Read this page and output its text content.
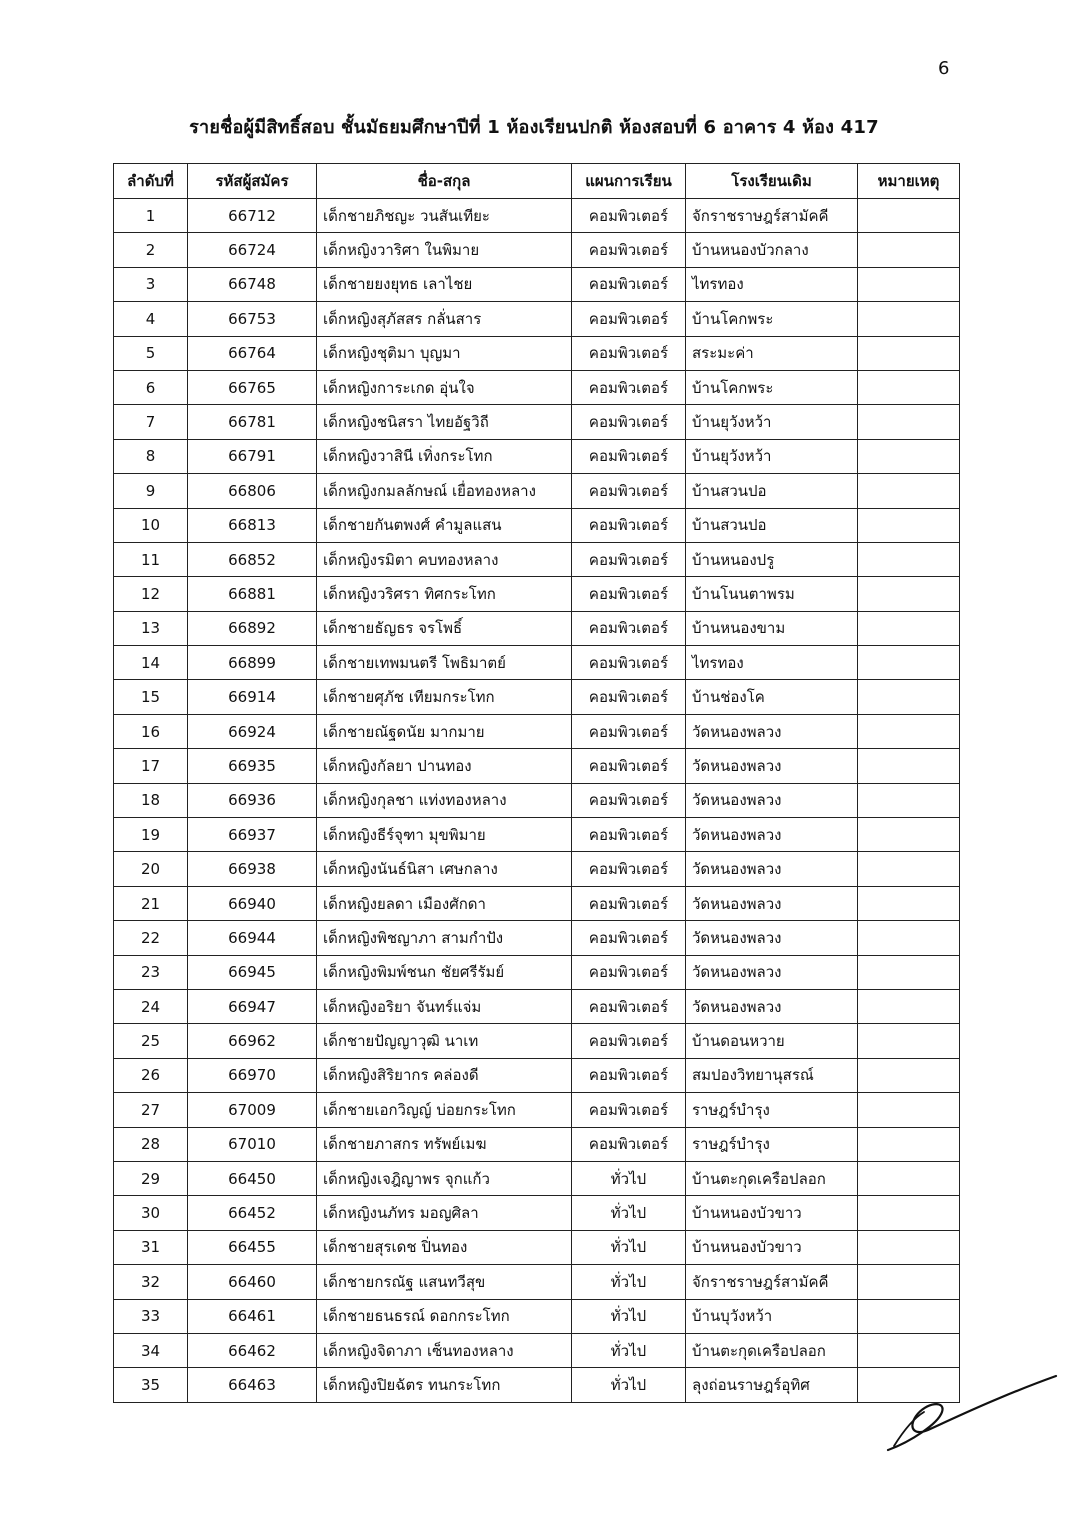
6
รายชื่อผู้มีสิทธิ์สอบ ชั้นมัธยมศึกษาปีที่ 1 ห้องเรียนปกติ ห้องสอบที่ 6 อาคาร 4 ห้อง 417
ลำดับที่	รหัสผู้สมัคร	ชื่อ-สกุล	แผนการเรียน	โรงเรียนเดิม	หมายเหตุ
1	66712	เด็กชายภิชญะ วนสันเทียะ	คอมพิวเตอร์	จักราชราษฎร์สามัคคี	
2	66724	เด็กหญิงวาริศา ในพิมาย	คอมพิวเตอร์	บ้านหนองบัวกลาง	
3	66748	เด็กชายยงยุทธ เลาไชย	คอมพิวเตอร์	ไทรทอง	
4	66753	เด็กหญิงสุภัสสร กลั่นสาร	คอมพิวเตอร์	บ้านโคกพระ	
5	66764	เด็กหญิงชุติมา บุญมา	คอมพิวเตอร์	สระมะค่า	
6	66765	เด็กหญิงการะเกด อุ่นใจ	คอมพิวเตอร์	บ้านโคกพระ	
7	66781	เด็กหญิงชนิสรา ไทยอัฐวิถี	คอมพิวเตอร์	บ้านยุวังหว้า	
8	66791	เด็กหญิงวาสินี เทิ่งกระโทก	คอมพิวเตอร์	บ้านยุวังหว้า	
9	66806	เด็กหญิงกมลลักษณ์ เยื่อทองหลาง	คอมพิวเตอร์	บ้านสวนปอ	
10	66813	เด็กชายกันตพงศ์ คำมูลแสน	คอมพิวเตอร์	บ้านสวนปอ	
11	66852	เด็กหญิงรมิตา คบทองหลาง	คอมพิวเตอร์	บ้านหนองปรู	
12	66881	เด็กหญิงวริศรา ทิศกระโทก	คอมพิวเตอร์	บ้านโนนตาพรม	
13	66892	เด็กชายธัญธร จรโพธิ์	คอมพิวเตอร์	บ้านหนองขาม	
14	66899	เด็กชายเทพมนตรี โพธิมาตย์	คอมพิวเตอร์	ไทรทอง	
15	66914	เด็กชายศุภัช เทียมกระโทก	คอมพิวเตอร์	บ้านช่องโค	
16	66924	เด็กชายณัฐดนัย มากมาย	คอมพิวเตอร์	วัดหนองพลวง	
17	66935	เด็กหญิงกัลยา ปานทอง	คอมพิวเตอร์	วัดหนองพลวง	
18	66936	เด็กหญิงกุลชา แท่งทองหลาง	คอมพิวเตอร์	วัดหนองพลวง	
19	66937	เด็กหญิงธีร์จุฑา มุขพิมาย	คอมพิวเตอร์	วัดหนองพลวง	
20	66938	เด็กหญิงนันธ์นิสา เศษกลาง	คอมพิวเตอร์	วัดหนองพลวง	
21	66940	เด็กหญิงยลดา เมืองศักดา	คอมพิวเตอร์	วัดหนองพลวง	
22	66944	เด็กหญิงพิชญาภา สามกำปัง	คอมพิวเตอร์	วัดหนองพลวง	
23	66945	เด็กหญิงพิมพ์ชนก ชัยศรีรัมย์	คอมพิวเตอร์	วัดหนองพลวง	
24	66947	เด็กหญิงอริยา จันทร์แจ่ม	คอมพิวเตอร์	วัดหนองพลวง	
25	66962	เด็กชายปัญญาวุฒิ นาเท	คอมพิวเตอร์	บ้านดอนหวาย	
26	66970	เด็กหญิงสิริยากร คล่องดี	คอมพิวเตอร์	สมปองวิทยานุสรณ์	
27	67009	เด็กชายเอกวิญญ์ บ่อยกระโทก	คอมพิวเตอร์	ราษฎร์บำรุง	
28	67010	เด็กชายภาสกร ทรัพย์เมฆ	คอมพิวเตอร์	ราษฎร์บำรุง	
29	66450	เด็กหญิงเจฎิญาพร จุกแก้ว	ทั่วไป	บ้านตะกุดเครือปลอก	
30	66452	เด็กหญิงนภัทร มอญศิลา	ทั่วไป	บ้านหนองบัวขาว	
31	66455	เด็กชายสุรเดช ปิ่นทอง	ทั่วไป	บ้านหนองบัวขาว	
32	66460	เด็กชายกรณัฐ แสนทวีสุข	ทั่วไป	จักราชราษฎร์สามัคคี	
33	66461	เด็กชายธนธรณ์ ดอกกระโทก	ทั่วไป	บ้านบุวังหว้า	
34	66462	เด็กหญิงจิดาภา เซ็นทองหลาง	ทั่วไป	บ้านตะกุดเครือปลอก	
35	66463	เด็กหญิงปิยฉัตร ทนกระโทก	ทั่วไป	ลุงถ่อนราษฎร์อุทิศ	
